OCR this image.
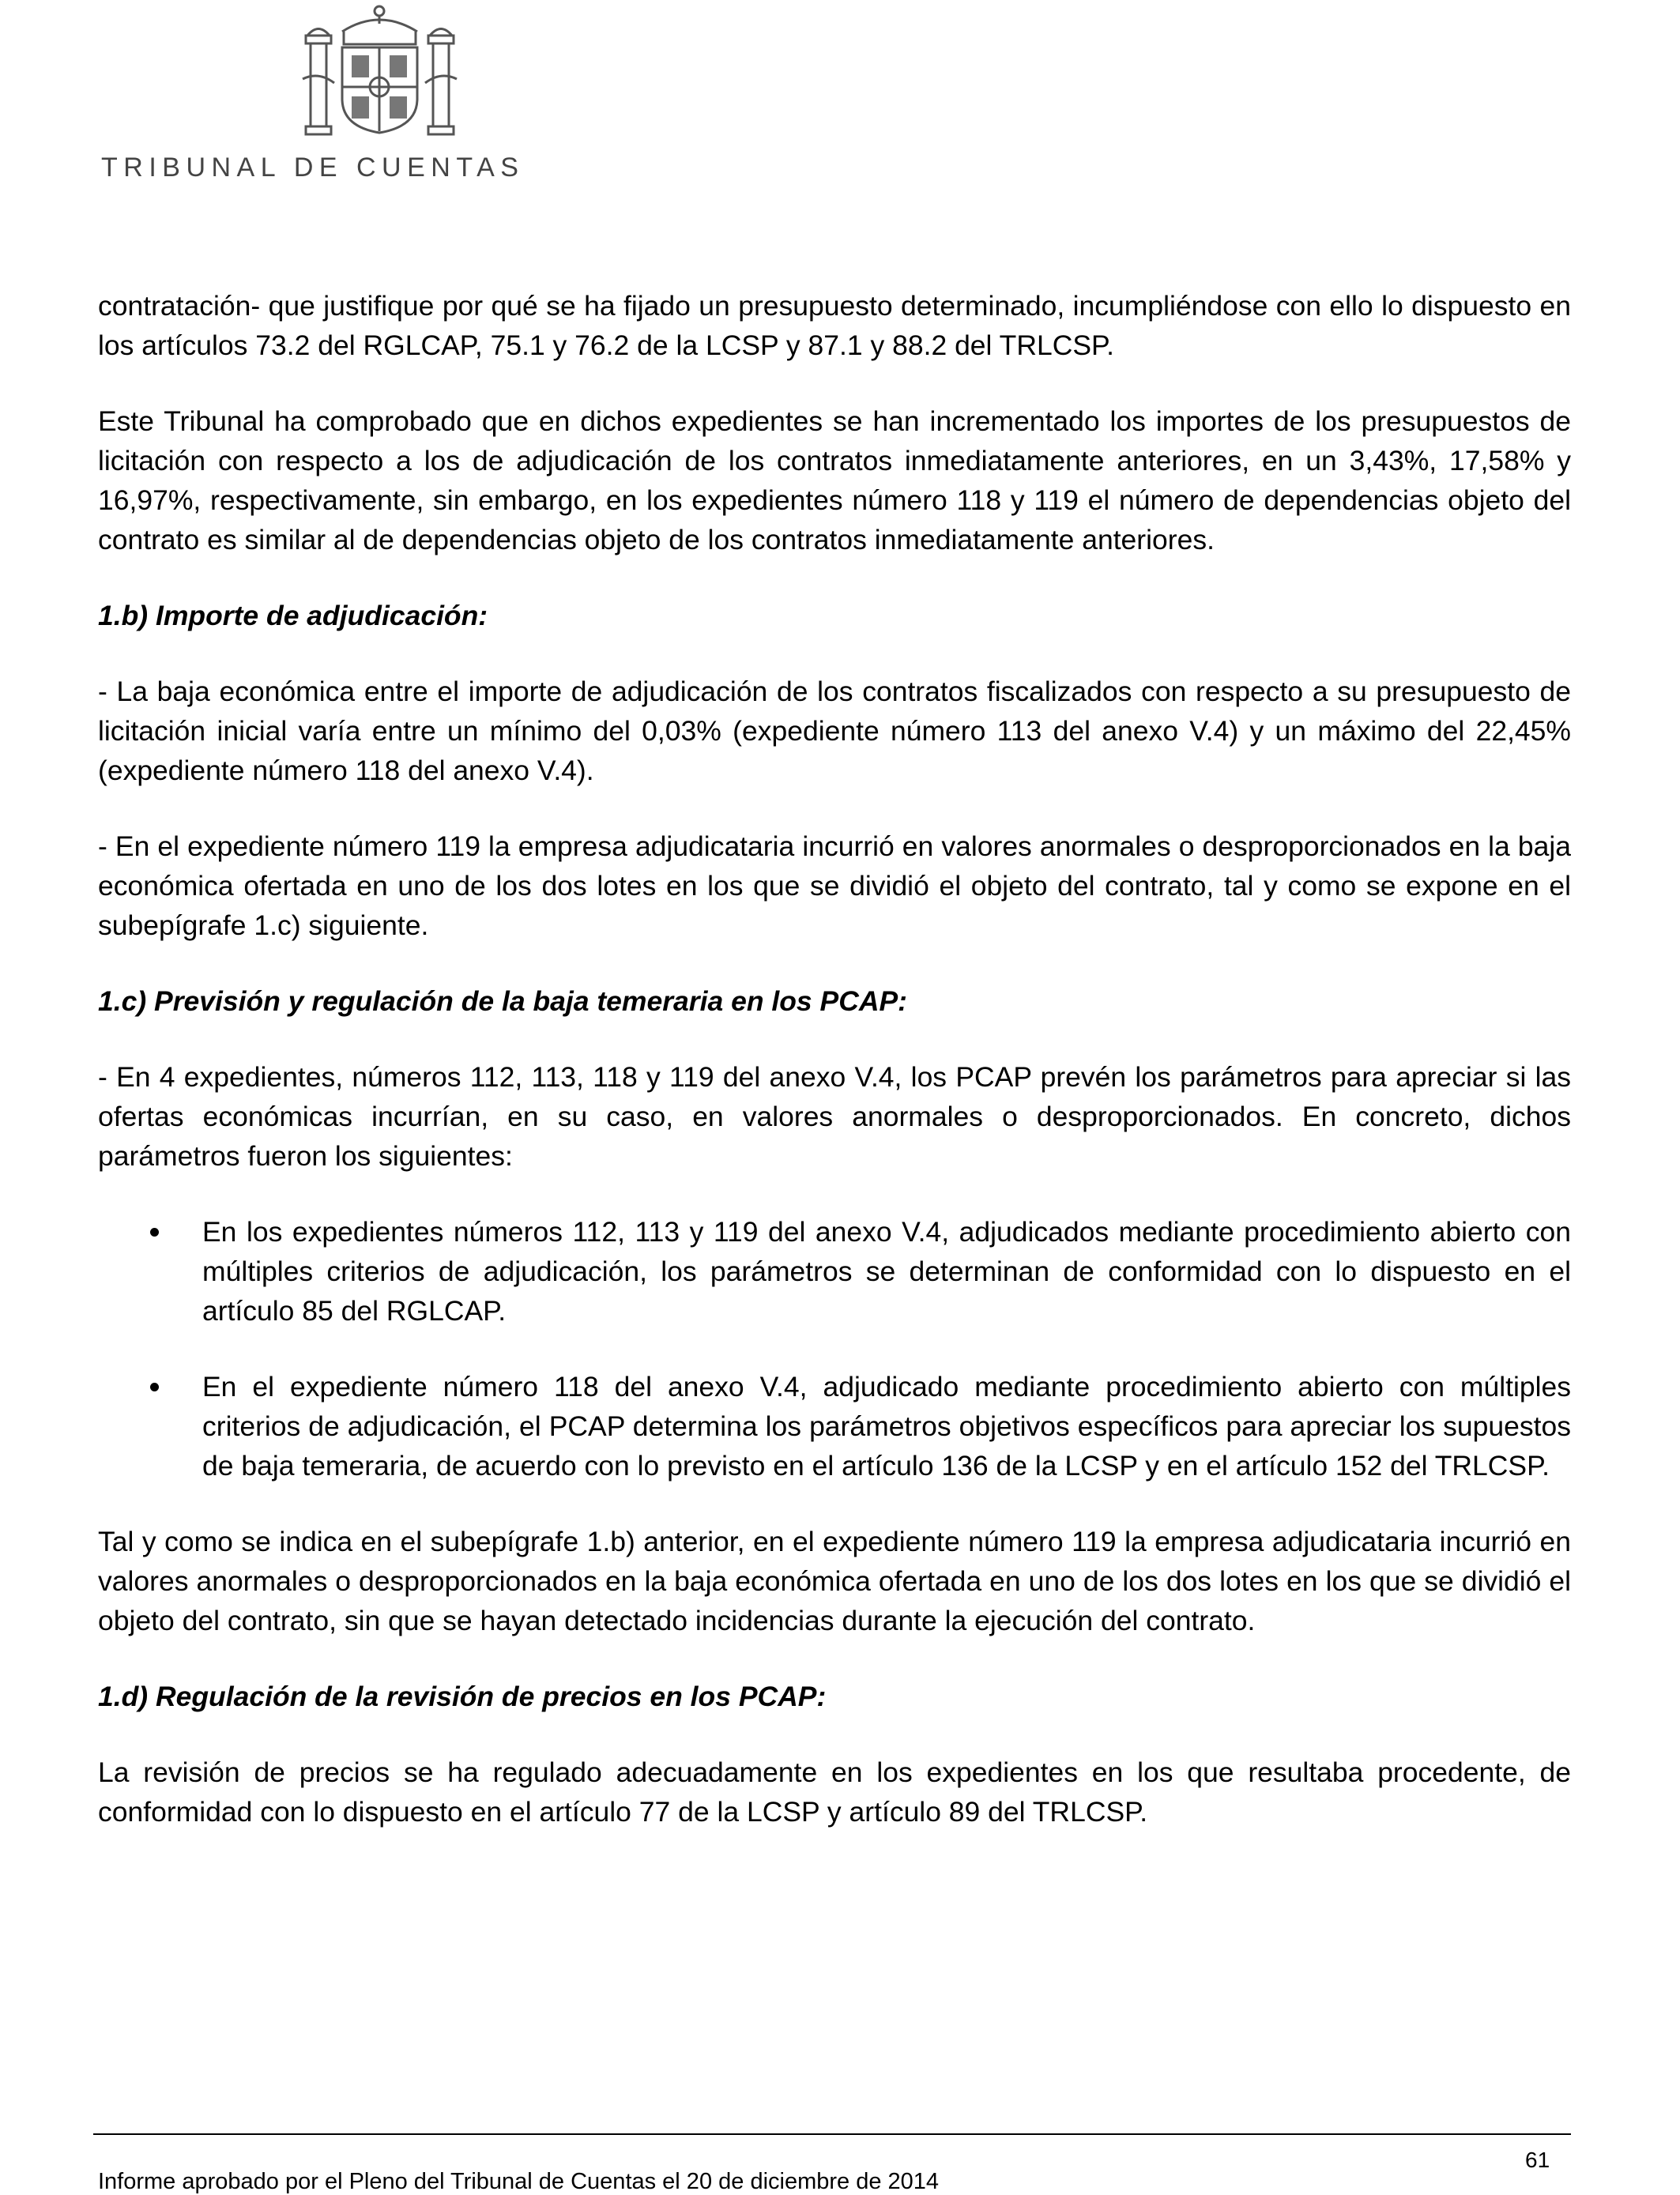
TRIBUNAL DE CUENTAS

contratación- que justifique por qué se ha fijado un presupuesto determinado, incumpliéndose con ello lo dispuesto en los artículos 73.2 del RGLCAP, 75.1 y 76.2 de la LCSP y 87.1 y 88.2 del TRLCSP.

Este Tribunal ha comprobado que en dichos expedientes se han incrementado los importes de los presupuestos de licitación con respecto a los de adjudicación de los contratos inmediatamente anteriores, en un 3,43%, 17,58% y 16,97%, respectivamente, sin embargo, en los expedientes número 118 y 119 el número de dependencias objeto del contrato es similar al de dependencias objeto de los contratos inmediatamente anteriores.

1.b) Importe de adjudicación:

- La baja económica entre el importe de adjudicación de los contratos fiscalizados con respecto a su presupuesto de licitación inicial varía entre un mínimo del 0,03% (expediente número 113 del anexo V.4) y un máximo del 22,45% (expediente número 118 del anexo V.4).

- En el expediente número 119 la empresa adjudicataria incurrió en valores anormales o desproporcionados en la baja económica ofertada en uno de los dos lotes en los que se dividió el objeto del contrato, tal y como se expone en el subepígrafe 1.c) siguiente.

1.c) Previsión y regulación de la baja temeraria en los PCAP:

- En 4 expedientes, números 112, 113, 118 y 119 del anexo V.4, los PCAP prevén los parámetros para apreciar si las ofertas económicas incurrían, en su caso, en valores anormales o desproporcionados. En concreto, dichos parámetros fueron los siguientes:

En los expedientes números 112, 113 y 119 del anexo V.4, adjudicados mediante procedimiento abierto con múltiples criterios de adjudicación, los parámetros se determinan de conformidad con lo dispuesto en el artículo 85 del RGLCAP.
En el expediente número 118 del anexo V.4, adjudicado mediante procedimiento abierto con múltiples criterios de adjudicación, el PCAP determina los parámetros objetivos específicos para apreciar los supuestos de baja temeraria, de acuerdo con lo previsto en el artículo 136 de la LCSP y en el artículo 152 del TRLCSP.

Tal y como se indica en el subepígrafe 1.b) anterior, en el expediente número 119 la empresa adjudicataria incurrió en valores anormales o desproporcionados en la baja económica ofertada en uno de los dos lotes en los que se dividió el objeto del contrato, sin que se hayan detectado incidencias durante la ejecución del contrato.

1.d) Regulación de la revisión de precios en los PCAP:

La revisión de precios se ha regulado adecuadamente en los expedientes en los que resultaba procedente, de conformidad con lo dispuesto en el artículo 77 de la LCSP y artículo 89 del TRLCSP.

61
Informe aprobado por el Pleno del Tribunal de Cuentas el 20 de diciembre de 2014
